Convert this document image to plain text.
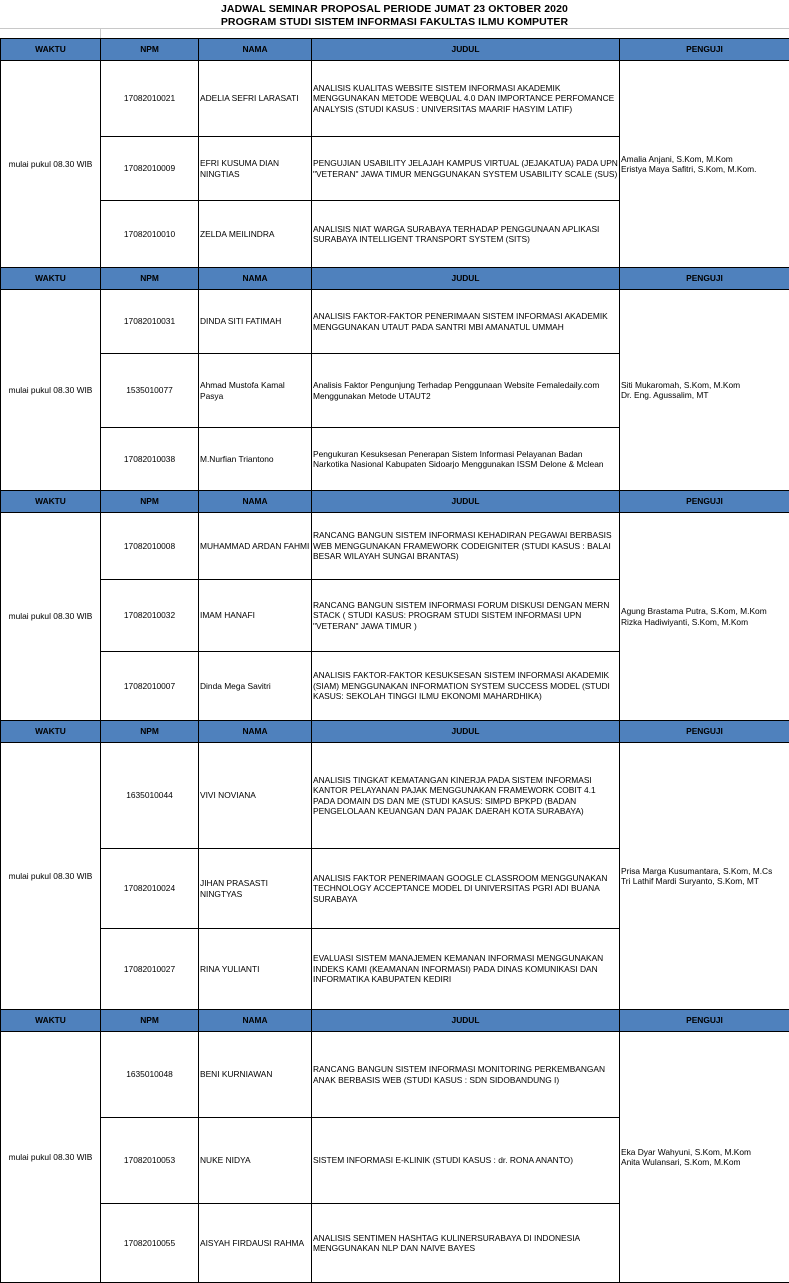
JADWAL SEMINAR PROPOSAL PERIODE JUMAT 23 OKTOBER 2020
PROGRAM STUDI SISTEM INFORMASI FAKULTAS ILMU KOMPUTER
WAKTU	NPM	NAMA	JUDUL	PENGUJI
mulai pukul 08.30 WIB	17082010021	ADELIA SEFRI LARASATI	ANALISIS KUALITAS WEBSITE SISTEM INFORMASI AKADEMIK MENGGUNAKAN METODE WEBQUAL 4.0 DAN IMPORTANCE PERFOMANCE ANALYSIS (STUDI KASUS : UNIVERSITAS MAARIF HASYIM LATIF)	Amalia Anjani, S.Kom, M.Kom
Eristya Maya Safitri, S.Kom, M.Kom.

	17082010009	EFRI KUSUMA DIAN NINGTIAS	PENGUJIAN USABILITY JELAJAH KAMPUS VIRTUAL (JEJAKATUA) PADA UPN "VETERAN" JAWA TIMUR MENGGUNAKAN SYSTEM USABILITY SCALE (SUS)	
	17082010010	ZELDA MEILINDRA	ANALISIS NIAT WARGA SURABAYA TERHADAP PENGGUNAAN APLIKASI SURABAYA INTELLIGENT TRANSPORT SYSTEM (SITS)	
WAKTU	NPM	NAMA	JUDUL	PENGUJI
mulai pukul 08.30 WIB	17082010031	DINDA SITI FATIMAH	ANALISIS FAKTOR-FAKTOR PENERIMAAN SISTEM INFORMASI AKADEMIK MENGGUNAKAN UTAUT PADA SANTRI MBI AMANATUL UMMAH	Siti Mukaromah, S.Kom, M.Kom
Dr. Eng. Agussalim, MT

	1535010077	Ahmad Mustofa Kamal Pasya	Analisis Faktor Pengunjung Terhadap Penggunaan Website Femaledaily.com Menggunakan Metode UTAUT2	
	17082010038	M.Nurfian Triantono	Pengukuran Kesuksesan Penerapan Sistem Informasi Pelayanan Badan Narkotika Nasional Kabupaten Sidoarjo Menggunakan ISSM Delone & Mclean	
WAKTU	NPM	NAMA	JUDUL	PENGUJI
mulai pukul 08.30 WIB	17082010008	MUHAMMAD ARDAN FAHMI	RANCANG BANGUN SISTEM INFORMASI KEHADIRAN PEGAWAI BERBASIS WEB MENGGUNAKAN FRAMEWORK CODEIGNITER (STUDI KASUS : BALAI BESAR WILAYAH SUNGAI BRANTAS)	Agung Brastama Putra, S.Kom, M.Kom
Rizka Hadiwiyanti, S.Kom, M.Kom

	17082010032	IMAM HANAFI	RANCANG BANGUN SISTEM INFORMASI FORUM DISKUSI DENGAN MERN STACK ( STUDI KASUS: PROGRAM STUDI SISTEM INFORMASI UPN "VETERAN" JAWA TIMUR )	
	17082010007	Dinda Mega Savitri	ANALISIS FAKTOR-FAKTOR KESUKSESAN SISTEM INFORMASI AKADEMIK (SIAM) MENGGUNAKAN INFORMATION SYSTEM SUCCESS MODEL (STUDI KASUS: SEKOLAH TINGGI ILMU EKONOMI MAHARDHIKA)	
WAKTU	NPM	NAMA	JUDUL	PENGUJI
mulai pukul 08.30 WIB	1635010044	VIVI NOVIANA	ANALISIS TINGKAT KEMATANGAN KINERJA PADA SISTEM INFORMASI KANTOR PELAYANAN PAJAK MENGGUNAKAN FRAMEWORK COBIT 4.1 PADA DOMAIN DS DAN ME (STUDI KASUS: SIMPD BPKPD (BADAN PENGELOLAAN KEUANGAN DAN PAJAK DAERAH KOTA SURABAYA)	Prisa Marga Kusumantara, S.Kom, M.Cs
Tri Lathif Mardi Suryanto, S.Kom, MT

	17082010024	JIHAN PRASASTI NINGTYAS	ANALISIS FAKTOR PENERIMAAN GOOGLE CLASSROOM MENGGUNAKAN TECHNOLOGY ACCEPTANCE MODEL DI UNIVERSITAS PGRI ADI BUANA SURABAYA	
	17082010027	RINA YULIANTI	EVALUASI SISTEM MANAJEMEN KEMANAN INFORMASI MENGGUNAKAN INDEKS KAMI (KEAMANAN INFORMASI) PADA DINAS KOMUNIKASI DAN INFORMATIKA KABUPATEN KEDIRI	
WAKTU	NPM	NAMA	JUDUL	PENGUJI
mulai pukul 08.30 WIB	1635010048	BENI KURNIAWAN	RANCANG BANGUN SISTEM INFORMASI MONITORING PERKEMBANGAN ANAK BERBASIS WEB (STUDI KASUS : SDN SIDOBANDUNG I)	Eka Dyar Wahyuni, S.Kom, M.Kom
Anita Wulansari, S.Kom, M.Kom

	17082010053	NUKE NIDYA	SISTEM INFORMASI E-KLINIK (STUDI KASUS : dr. RONA ANANTO)	
	17082010055	AISYAH FIRDAUSI RAHMA	ANALISIS SENTIMEN HASHTAG KULINERSURABAYA DI INDONESIA MENGGUNAKAN NLP DAN NAIVE BAYES	
